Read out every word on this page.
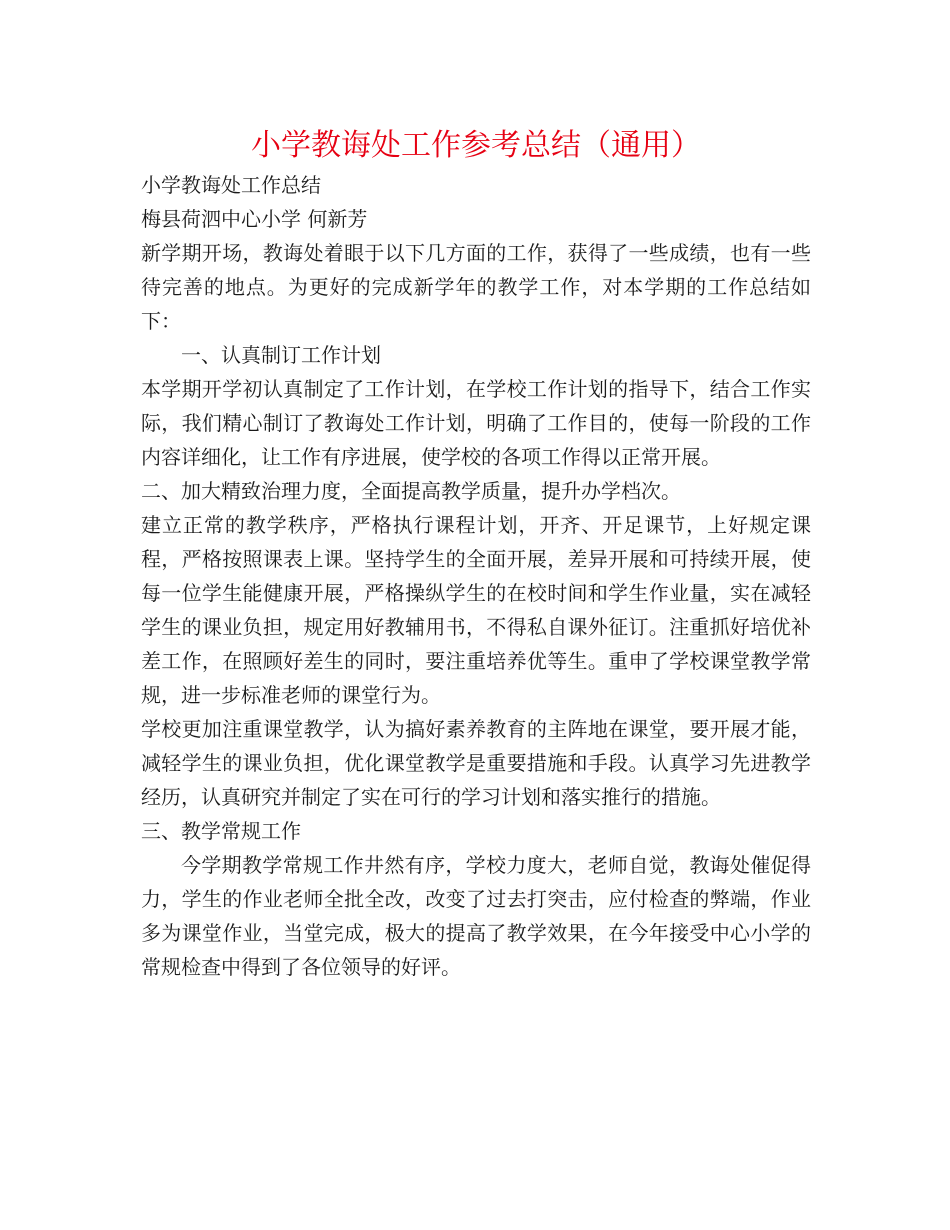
小学教诲处工作参考总结（通用）

小学教诲处工作总结

梅县荷泗中心小学 何新芳

新学期开场，教诲处着眼于以下几方面的工作，获得了一些成绩，也有一些待完善的地点。为更好的完成新学年的教学工作，对本学期的工作总结如下：

一、认真制订工作计划

本学期开学初认真制定了工作计划，在学校工作计划的指导下，结合工作实际，我们精心制订了教诲处工作计划，明确了工作目的，使每一阶段的工作内容详细化，让工作有序进展，使学校的各项工作得以正常开展。

二、加大精致治理力度，全面提高教学质量，提升办学档次。

建立正常的教学秩序，严格执行课程计划，开齐、开足课节，上好规定课程，严格按照课表上课。坚持学生的全面开展，差异开展和可持续开展，使每一位学生能健康开展，严格操纵学生的在校时间和学生作业量，实在减轻学生的课业负担，规定用好教辅用书，不得私自课外征订。注重抓好培优补差工作，在照顾好差生的同时，要注重培养优等生。重申了学校课堂教学常规，进一步标准老师的课堂行为。

学校更加注重课堂教学，认为搞好素养教育的主阵地在课堂，要开展才能，减轻学生的课业负担，优化课堂教学是重要措施和手段。认真学习先进教学经历，认真研究并制定了实在可行的学习计划和落实推行的措施。

三、教学常规工作

今学期教学常规工作井然有序，学校力度大，老师自觉，教诲处催促得力，学生的作业老师全批全改，改变了过去打突击，应付检查的弊端，作业多为课堂作业，当堂完成，极大的提高了教学效果，在今年接受中心小学的常规检查中得到了各位领导的好评。
